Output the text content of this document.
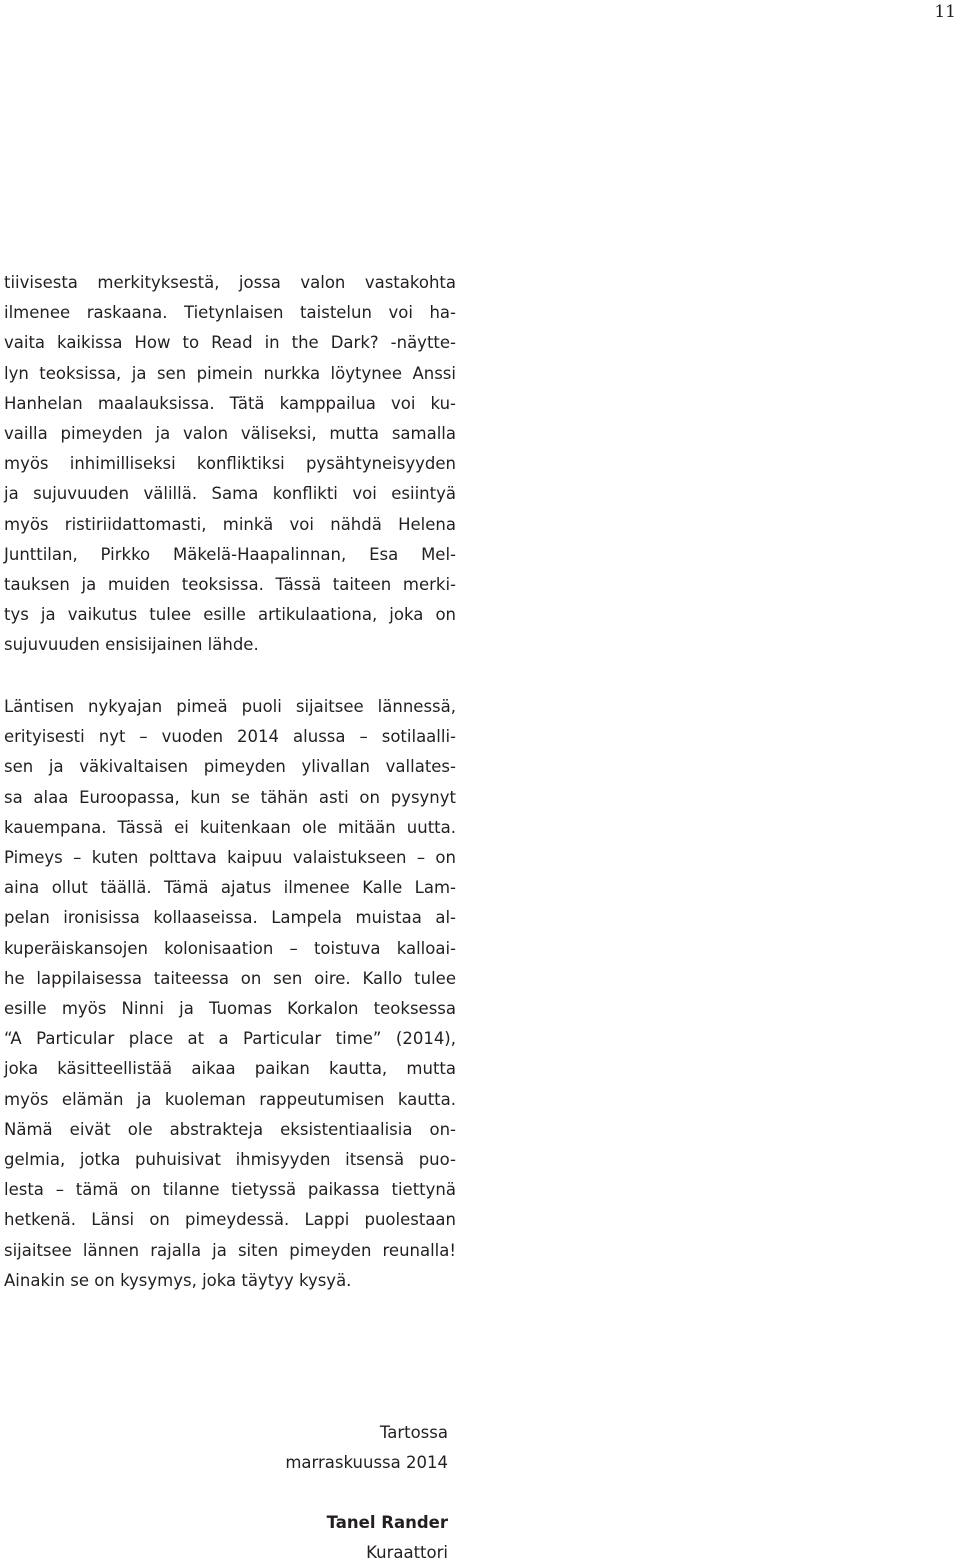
11
tiivisesta merkityksestä, jossa valon vastakohta
ilmenee raskaana. Tietynlaisen taistelun voi ha-
vaita kaikissa How to Read in the Dark? -näytte-
lyn teoksissa, ja sen pimein nurkka löytynee Anssi
Hanhelan maalauksissa. Tätä kamppailua voi ku-
vailla pimeyden ja valon väliseksi, mutta samalla
myös inhimilliseksi konfliktiksi pysähtyneisyyden
ja sujuvuuden välillä. Sama konflikti voi esiintyä
myös ristiriidattomasti, minkä voi nähdä Helena
Junttilan, Pirkko Mäkelä-Haapalinnan, Esa Mel-
tauksen ja muiden teoksissa. Tässä taiteen merki-
tys ja vaikutus tulee esille artikulaationa, joka on
sujuvuuden ensisijainen lähde.
Läntisen nykyajan pimeä puoli sijaitsee lännessä,
erityisesti nyt – vuoden 2014 alussa – sotilaalli-
sen ja väkivaltaisen pimeyden ylivallan vallates-
sa alaa Euroopassa, kun se tähän asti on pysynyt
kauempana. Tässä ei kuitenkaan ole mitään uutta.
Pimeys – kuten polttava kaipuu valaistukseen – on
aina ollut täällä. Tämä ajatus ilmenee Kalle Lam-
pelan ironisissa kollaaseissa. Lampela muistaa al-
kuperäiskansojen kolonisaation – toistuva kalloai-
he lappilaisessa taiteessa on sen oire. Kallo tulee
esille myös Ninni ja Tuomas Korkalon teoksessa
“A Particular place at a Particular time” (2014),
joka käsitteellistää aikaa paikan kautta, mutta
myös elämän ja kuoleman rappeutumisen kautta.
Nämä eivät ole abstrakteja eksistentiaalisia on-
gelmia, jotka puhuisivat ihmisyyden itsensä puo-
lesta – tämä on tilanne tietyssä paikassa tiettynä
hetkenä. Länsi on pimeydessä. Lappi puolestaan
sijaitsee lännen rajalla ja siten pimeyden reunalla!
Ainakin se on kysymys, joka täytyy kysyä.
Tartossa
marraskuussa 2014
Tanel Rander
Kuraattori
